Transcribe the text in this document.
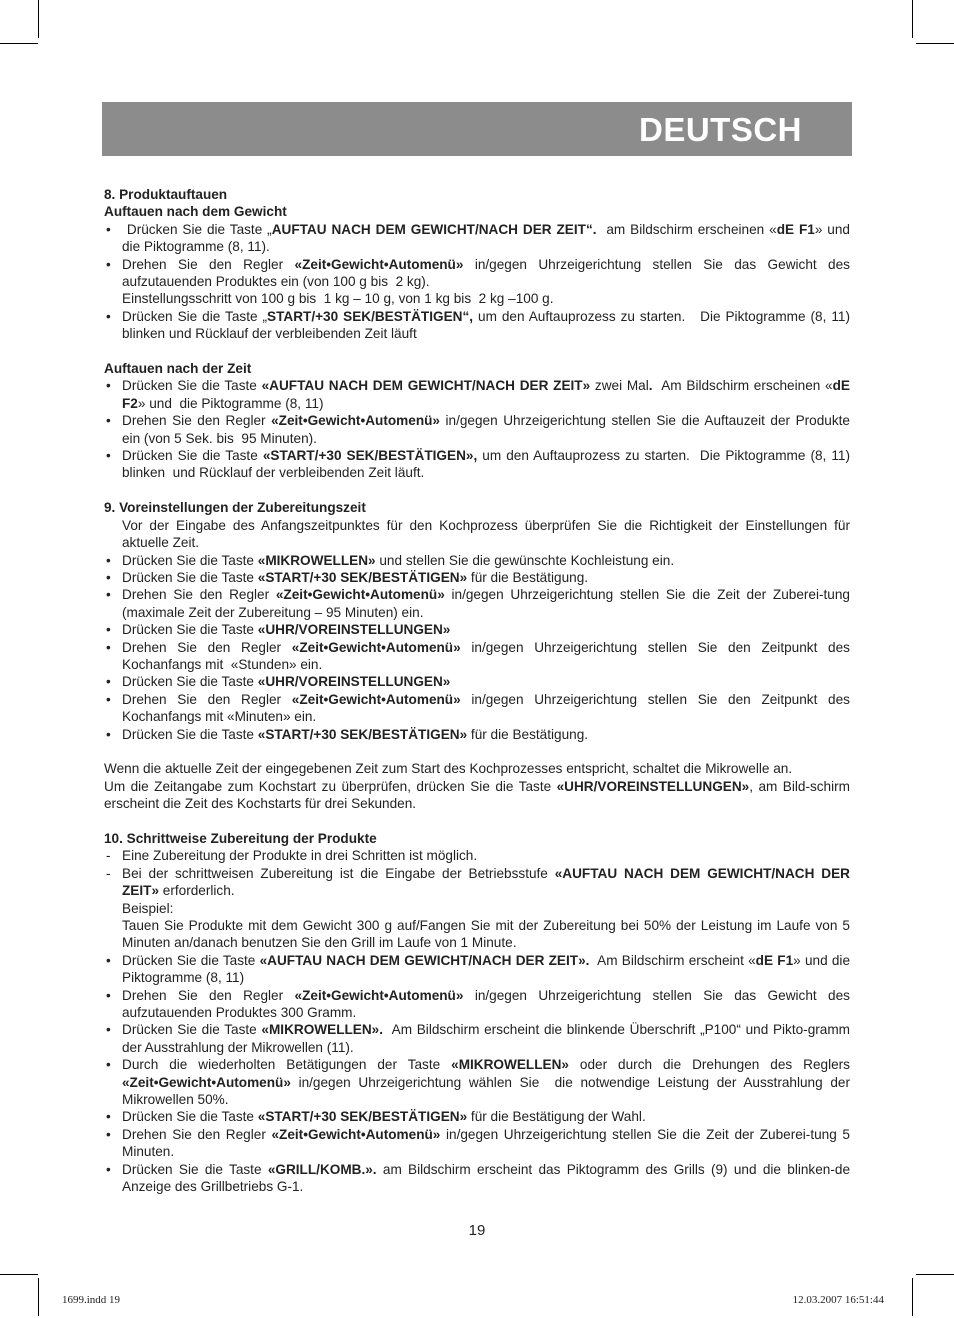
DEUTSCH
8. Produktauftauen
Auftauen nach dem Gewicht
•  Drücken Sie die Taste „AUFTAU NACH DEM GEWICHT/NACH DER ZEIT“.  am Bildschirm erscheinen «dE F1» und die Piktogramme (8, 11).
• Drehen Sie den Regler «Zeit•Gewicht•Automenü» in/gegen Uhrzeigerichtung stellen Sie das Gewicht des aufzutauenden Produktes ein (von 100 g bis  2 kg).
Einstellungsschritt von 100 g bis  1 kg – 10 g, von 1 kg bis  2 kg –100 g.
• Drücken Sie die Taste „START/+30 SEK/BESTÄTIGEN“, um den Auftauprozess zu starten.   Die Piktogramme (8, 11) blinken und Rücklauf der verbleibenden Zeit läuft
Auftauen nach der Zeit
• Drücken Sie die Taste «AUFTAU NACH DEM GEWICHT/NACH DER ZEIT» zwei Mal.  Am Bildschirm erscheinen «dE F2» und  die Piktogramme (8, 11)
• Drehen Sie den Regler «Zeit•Gewicht•Automenü» in/gegen Uhrzeigerichtung stellen Sie die Auftauzeit der Produkte ein (von 5 Sek. bis  95 Minuten).
• Drücken Sie die Taste «START/+30 SEK/BESTÄTIGEN», um den Auftauprozess zu starten.  Die Piktogramme (8, 11) blinken  und Rücklauf der verbleibenden Zeit läuft.
9. Voreinstellungen der Zubereitungszeit
Vor der Eingabe des Anfangszeitpunktes für den Kochprozess überprüfen Sie die Richtigkeit der Einstellungen für aktuelle Zeit.
• Drücken Sie die Taste «MIKROWELLEN» und stellen Sie die gewünschte Kochleistung ein.
• Drücken Sie die Taste «START/+30 SEK/BESTÄTIGEN» für die Bestätigung.
• Drehen Sie den Regler «Zeit•Gewicht•Automenü» in/gegen Uhrzeigerichtung stellen Sie die Zeit der Zuberei-tung (maximale Zeit der Zubereitung – 95 Minuten) ein.
• Drücken Sie die Taste «UHR/VOREINSTELLUNGEN»
• Drehen Sie den Regler «Zeit•Gewicht•Automenü» in/gegen Uhrzeigerichtung stellen Sie den Zeitpunkt des Kochanfangs mit  «Stunden» ein.
• Drücken Sie die Taste «UHR/VOREINSTELLUNGEN»
• Drehen Sie den Regler «Zeit•Gewicht•Automenü» in/gegen Uhrzeigerichtung stellen Sie den Zeitpunkt des Kochanfangs mit «Minuten» ein.
• Drücken Sie die Taste «START/+30 SEK/BESTÄTIGEN» für die Bestätigung.
Wenn die aktuelle Zeit der eingegebenen Zeit zum Start des Kochprozesses entspricht, schaltet die Mikrowelle an.
Um die Zeitangabe zum Kochstart zu überprüfen, drücken Sie die Taste «UHR/VOREINSTELLUNGEN», am Bild-schirm erscheint die Zeit des Kochstarts für drei Sekunden.
10. Schrittweise Zubereitung der Produkte
- Eine Zubereitung der Produkte in drei Schritten ist möglich.
- Bei der schrittweisen Zubereitung ist die Eingabe der Betriebsstufe «AUFTAU NACH DEM GEWICHT/NACH DER ZEIT» erforderlich.
Beispiel:
Tauen Sie Produkte mit dem Gewicht 300 g auf/Fangen Sie mit der Zubereitung bei 50% der Leistung im Laufe von 5 Minuten an/danach benutzen Sie den Grill im Laufe von 1 Minute.
• Drücken Sie die Taste «AUFTAU NACH DEM GEWICHT/NACH DER ZEIT».  Am Bildschirm erscheint «dE F1» und die Piktogramme (8, 11)
• Drehen Sie den Regler «Zeit•Gewicht•Automenü» in/gegen Uhrzeigerichtung stellen Sie das Gewicht des aufzutauenden Produktes 300 Gramm.
• Drücken Sie die Taste «MIKROWELLEN».  Am Bildschirm erscheint die blinkende Überschrift „P100“ und Pikto-gramm der Ausstrahlung der Mikrowellen (11).
• Durch die wiederholten Betätigungen der Taste «MIKROWELLEN» oder durch die Drehungen des Reglers «Zeit•Gewicht•Automenü» in/gegen Uhrzeigerichtung wählen Sie  die notwendige Leistung der Ausstrahlung der Mikrowellen 50%.
• Drücken Sie die Taste «START/+30 SEK/BESTÄTIGEN» für die Bestätigung der Wahl.
• Drehen Sie den Regler «Zeit•Gewicht•Automenü» in/gegen Uhrzeigerichtung stellen Sie die Zeit der Zuberei-tung 5 Minuten.
• Drücken Sie die Taste «GRILL/KOMB.». am Bildschirm erscheint das Piktogramm des Grills (9) und die blinken-de Anzeige des Grillbetriebs G-1.
19
1699.indd 19	12.03.2007 16:51:44
